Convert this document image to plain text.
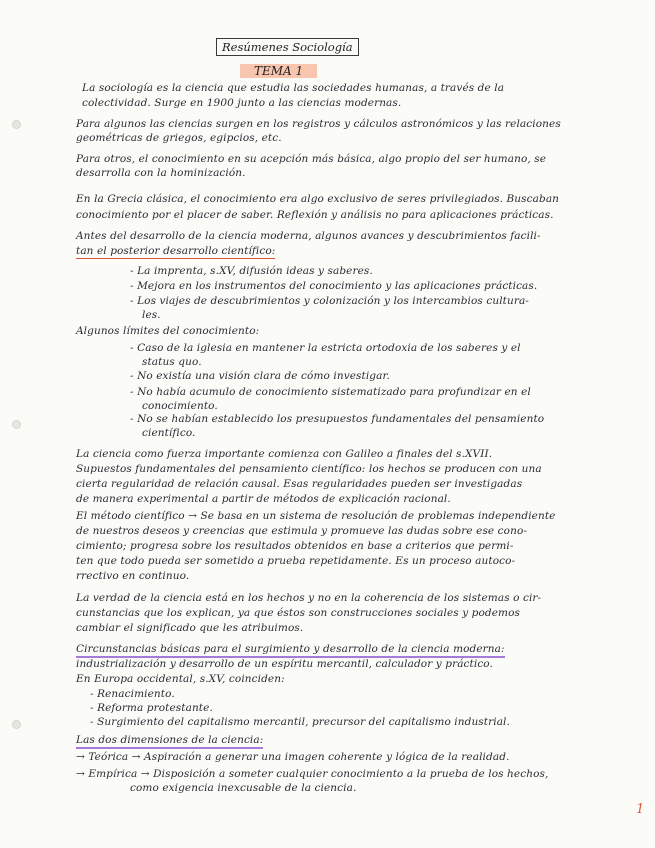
Resúmenes Sociología
TEMA 1
La sociología es la ciencia que estudia las sociedades humanas, a través de la
colectividad. Surge en 1900 junto a las ciencias modernas.
Para algunos las ciencias surgen en los registros y cálculos astronómicos y las relaciones
geométricas de griegos, egipcios, etc.
Para otros, el conocimiento en su acepción más básica, algo propio del ser humano, se
desarrolla con la hominización.
En la Grecia clásica, el conocimiento era algo exclusivo de seres privilegiados. Buscaban
conocimiento por el placer de saber. Reflexión y análisis no para aplicaciones prácticas.
Antes del desarrollo de la ciencia moderna, algunos avances y descubrimientos facili-
tan el posterior desarrollo científico:
- La imprenta, s.XV, difusión ideas y saberes.
- Mejora en los instrumentos del conocimiento y las aplicaciones prácticas.
- Los viajes de descubrimientos y colonización y los intercambios cultura-
les.
Algunos límites del conocimiento:
- Caso de la iglesia en mantener la estricta ortodoxia de los saberes y el
status quo.
- No existía una visión clara de cómo investigar.
- No había acumulo de conocimiento sistematizado para profundizar en el
conocimiento.
- No se habían establecido los presupuestos fundamentales del pensamiento
científico.
La ciencia como fuerza importante comienza con Galileo a finales del s.XVII.
Supuestos fundamentales del pensamiento científico: los hechos se producen con una
cierta regularidad de relación causal. Esas regularidades pueden ser investigadas
de manera experimental a partir de métodos de explicación racional.
El método científico → Se basa en un sistema de resolución de problemas independiente
de nuestros deseos y creencias que estimula y promueve las dudas sobre ese cono-
cimiento; progresa sobre los resultados obtenidos en base a criterios que permi-
ten que todo pueda ser sometido a prueba repetidamente. Es un proceso autoco-
rrectivo en continuo.
La verdad de la ciencia está en los hechos y no en la coherencia de los sistemas o cir-
cunstancias que los explican, ya que éstos son construcciones sociales y podemos
cambiar el significado que les atribuimos.
Circunstancias básicas para el surgimiento y desarrollo de la ciencia moderna:
industrialización y desarrollo de un espíritu mercantil, calculador y práctico.
En Europa occidental, s.XV, coinciden:
- Renacimiento.
- Reforma protestante.
- Surgimiento del capitalismo mercantil, precursor del capitalismo industrial.
Las dos dimensiones de la ciencia:
→ Teórica → Aspiración a generar una imagen coherente y lógica de la realidad.
→ Empírica → Disposición a someter cualquier conocimiento a la prueba de los hechos,
como exigencia inexcusable de la ciencia.
1
